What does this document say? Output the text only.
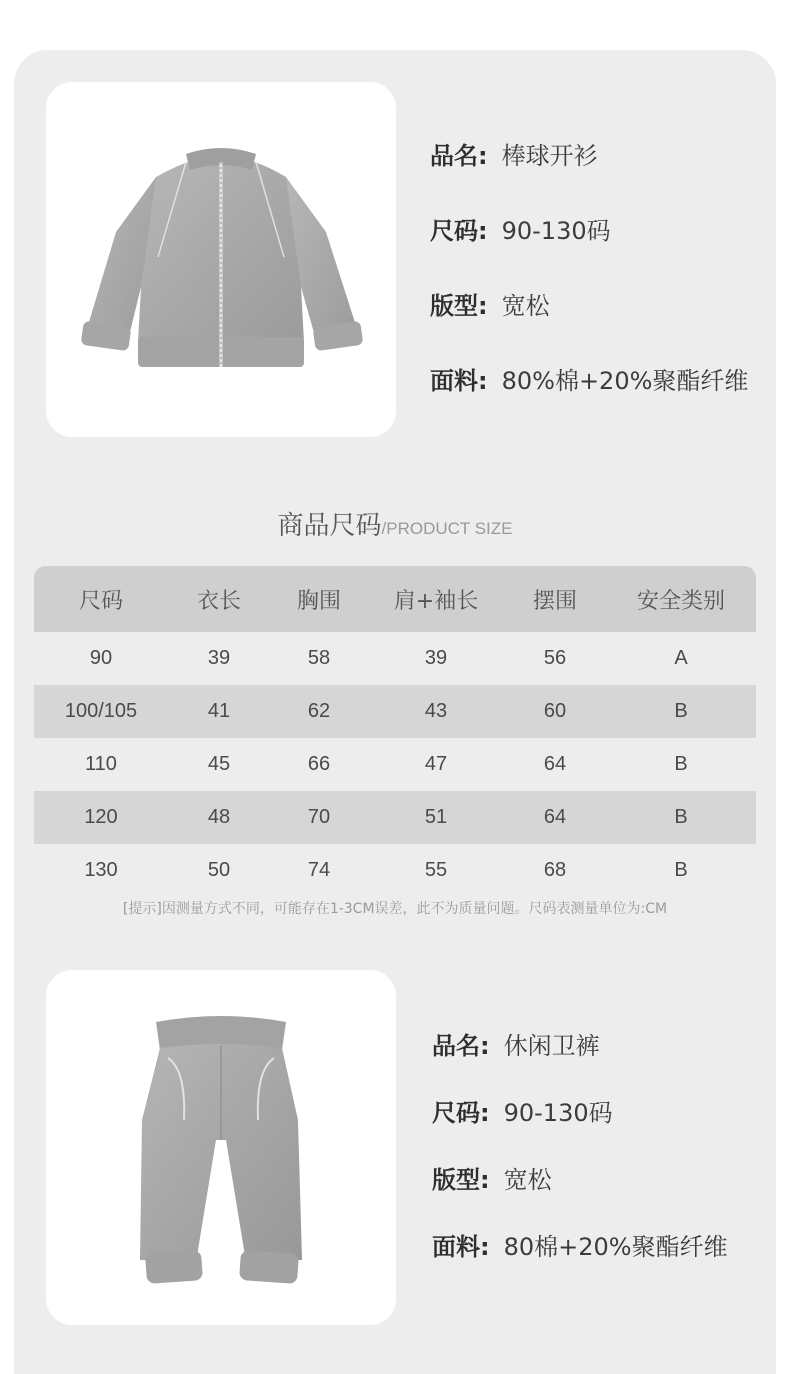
品名: 棒球开衫
尺码: 90-130码
版型: 宽松
面料: 80%棉+20%聚酯纤维
商品尺码/PRODUCT SIZE
尺码	衣长	胸围	肩+袖长	摆围	安全类别
90	39	58	39	56	A
100/105	41	62	43	60	B
110	45	66	47	64	B
120	48	70	51	64	B
130	50	74	55	68	B
[提示]因测量方式不同，可能存在1-3CM误差，此不为质量问题。尺码表测量单位为:CM
品名: 休闲卫裤
尺码: 90-130码
版型: 宽松
面料: 80棉+20%聚酯纤维
